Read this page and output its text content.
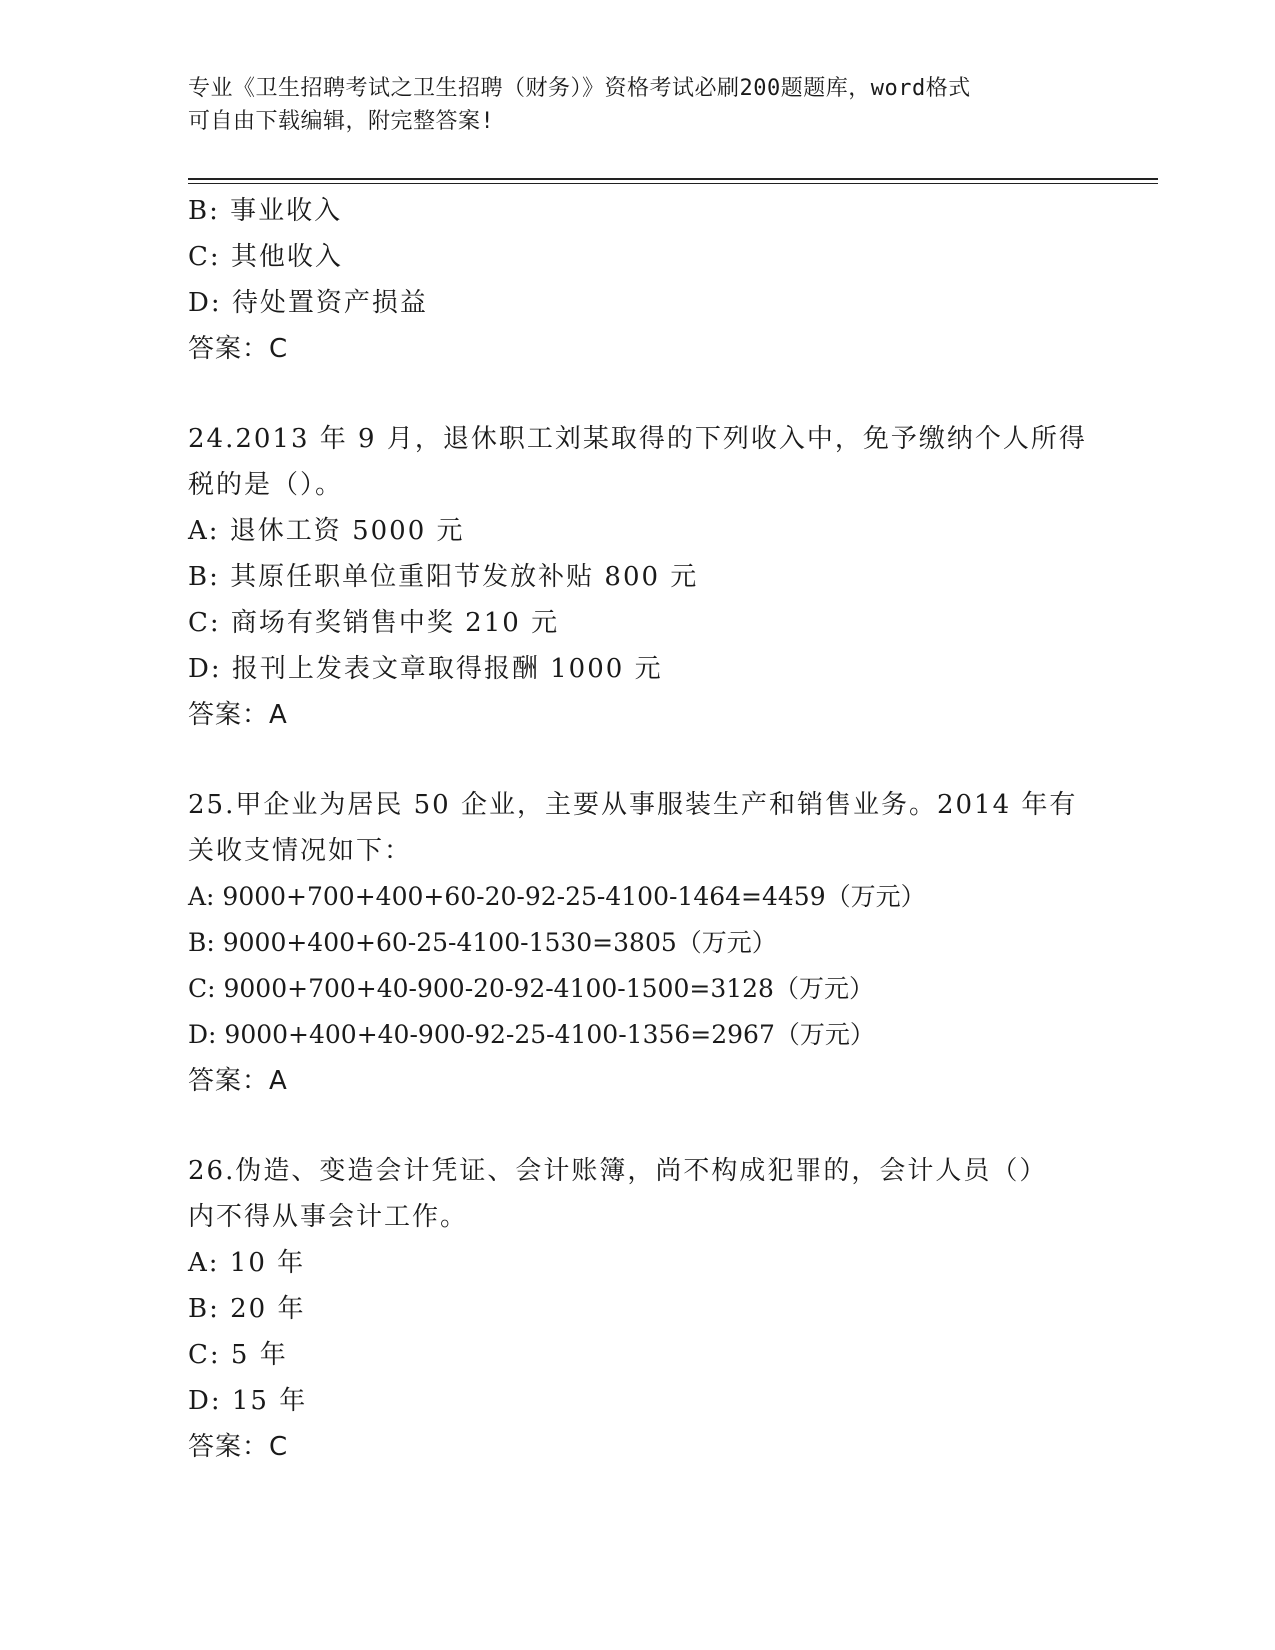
专业《卫生招聘考试之卫生招聘（财务）》资格考试必刷200题题库，word格式
可自由下载编辑，附完整答案!
B: 事业收入
C: 其他收入
D: 待处置资产损益
答案：C
24.2013 年 9 月，退休职工刘某取得的下列收入中，免予缴纳个人所得
税的是（）。
A: 退休工资 5000 元
B: 其原任职单位重阳节发放补贴 800 元
C: 商场有奖销售中奖 210 元
D: 报刊上发表文章取得报酬 1000 元
答案：A
25.甲企业为居民 50 企业，主要从事服装生产和销售业务。2014 年有
关收支情况如下：
A: 9000+700+400+60-20-92-25-4100-1464=4459（万元）
B: 9000+400+60-25-4100-1530=3805（万元）
C: 9000+700+40-900-20-92-4100-1500=3128（万元）
D: 9000+400+40-900-92-25-4100-1356=2967（万元）
答案：A
26.伪造、变造会计凭证、会计账簿，尚不构成犯罪的，会计人员（）
内不得从事会计工作。
A: 10 年
B: 20 年
C: 5 年
D: 15 年
答案：C
